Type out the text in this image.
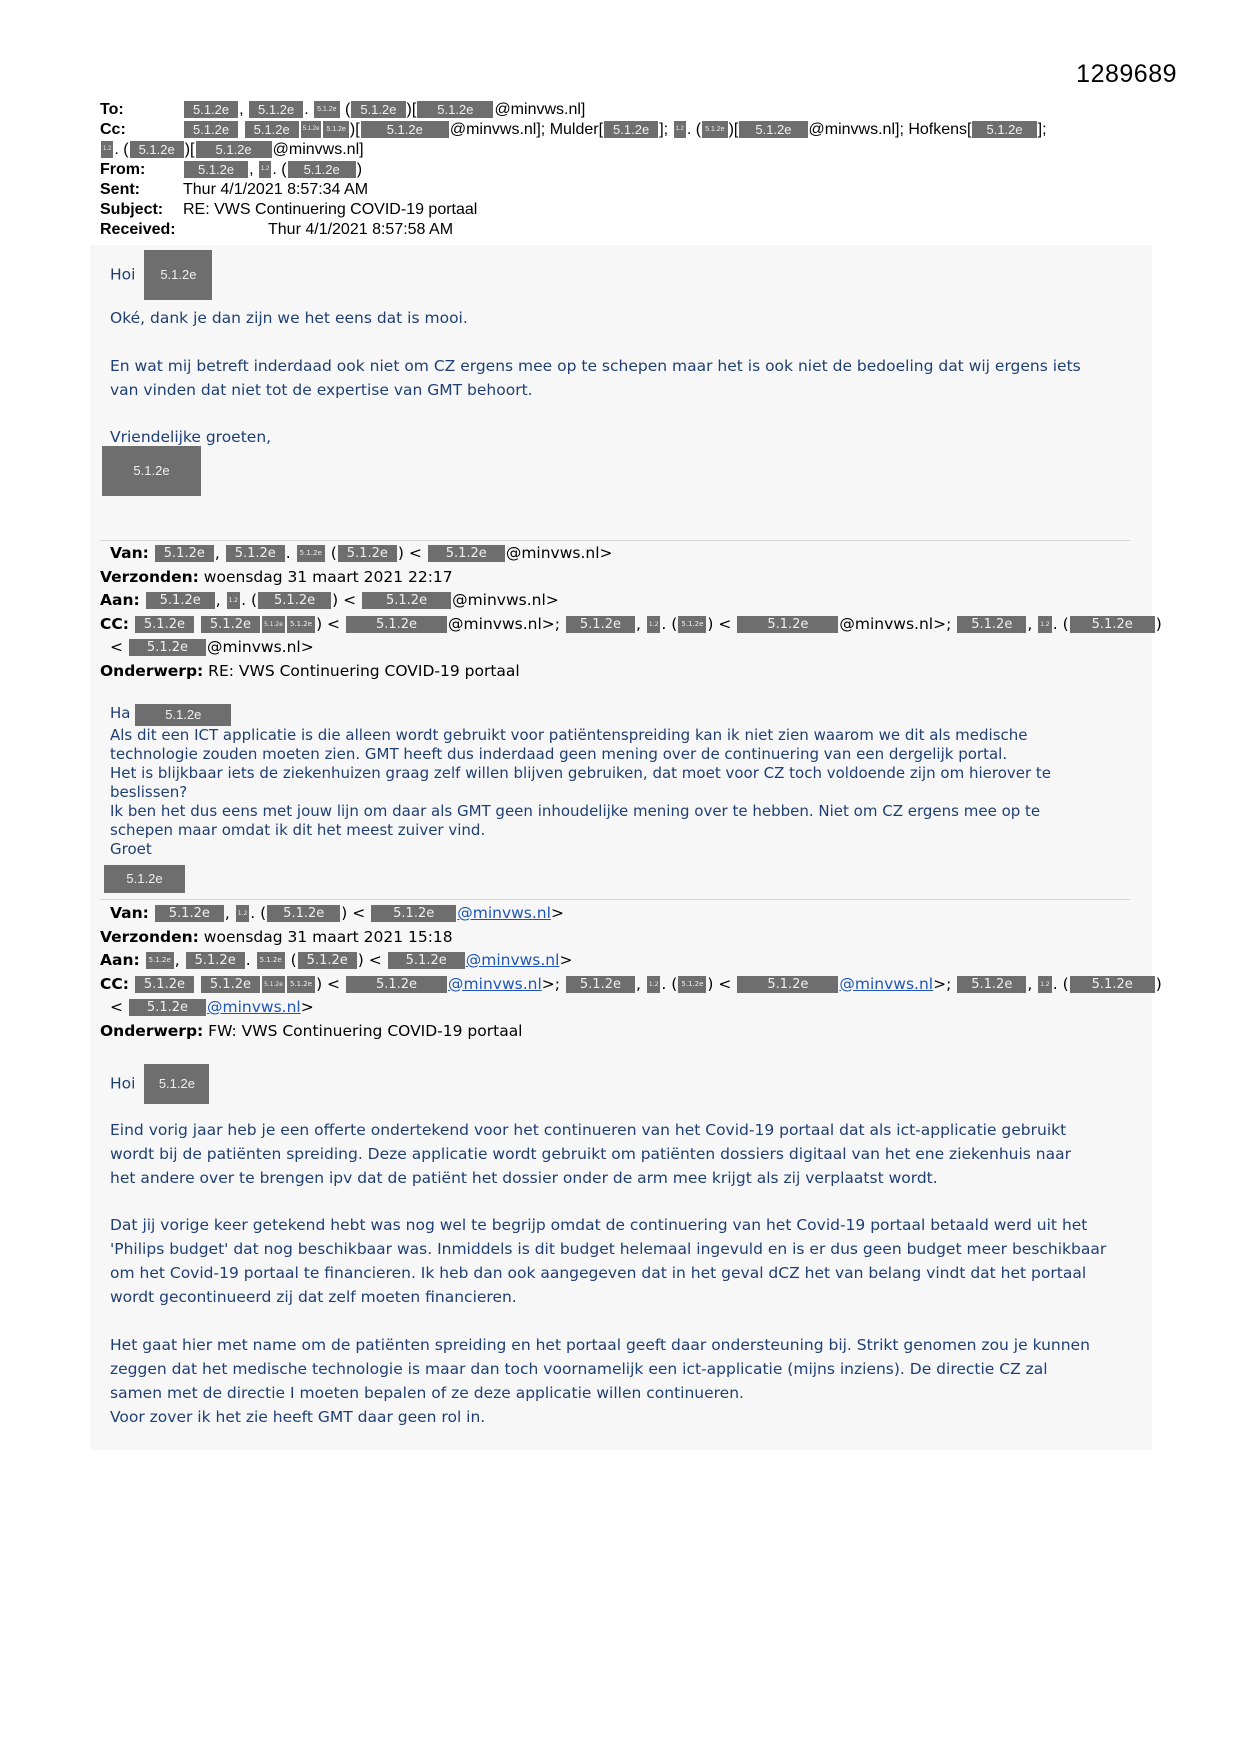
1289689
To:	5.1.2e , 5.1.2e . 5.1.2e ( 5.1.2e )[ 5.1.2e @minvws.nl]
Cc:	5.1.2e 5.1.2e 5.1.2e 5.1.2e )[ 5.1.2e @minvws.nl]; Mulder[ 5.1.2e ]; 1.2 . ( 5.1.2e )[ 5.1.2e @minvws.nl]; Hofkens[ 5.1.2e ];
1.2 . ( 5.1.2e )[ 5.1.2e @minvws.nl]
From:	5.1.2e , 1.2 . ( 5.1.2e )
Sent:	Thur 4/1/2021 8:57:34 AM
Subject: RE: VWS Continuering COVID-19 portaal
Received:	Thur 4/1/2021 8:57:58 AM
Hoi 5.1.2e
Oké, dank je dan zijn we het eens dat is mooi.

En wat mij betreft inderdaad ook niet om CZ ergens mee op te schepen maar het is ook niet de bedoeling dat wij ergens iets

van vinden dat niet tot de expertise van GMT behoort.

Vriendelijke groeten,
5.1.2e
Van: 5.1.2e , 5.1.2e . 5.1.2e ( 5.1.2e ) < 5.1.2e @minvws.nl>
Verzonden: woensdag 31 maart 2021 22:17
Aan: 5.1.2e , 1.2 . ( 5.1.2e ) < 5.1.2e @minvws.nl>
CC: 5.1.2e 5.1.2e 5.1.2e 5.1.2e ) < 5.1.2e @minvws.nl>; 5.1.2e , 1.2 . ( 5.1.2e ) < 5.1.2e @minvws.nl>; 5.1.2e , 1.2 . ( 5.1.2e )
< 5.1.2e @minvws.nl>
Onderwerp: RE: VWS Continuering COVID-19 portaal
Ha	5.1.2e
Als dit een ICT applicatie is die alleen wordt gebruikt voor patiëntenspreiding kan ik niet zien waarom we dit als medische
technologie zouden moeten zien. GMT heeft dus inderdaad geen mening over de continuering van een dergelijk portal.
Het is blijkbaar iets de ziekenhuizen graag zelf willen blijven gebruiken, dat moet voor CZ toch voldoende zijn om hierover te
beslissen?
Ik ben het dus eens met jouw lijn om daar als GMT geen inhoudelijke mening over te hebben. Niet om CZ ergens mee op te
schepen maar omdat ik dit het meest zuiver vind.
Groet
5.1.2e
Van: 5.1.2e , 1.2 . ( 5.1.2e ) < 5.1.2e @minvws.nl>
Verzonden: woensdag 31 maart 2021 15:18
Aan: 5.1.2e , 5.1.2e . 5.1.2e ( 5.1.2e ) < 5.1.2e @minvws.nl>
CC: 5.1.2e 5.1.2e 5.1.2e 5.1.2e ) < 5.1.2e @minvws.nl>; 5.1.2e , 1.2 . ( 5.1.2e ) < 5.1.2e @minvws.nl>; 5.1.2e , 1.2 . ( 5.1.2e )
< 5.1.2e @minvws.nl>
Onderwerp: FW: VWS Continuering COVID-19 portaal
Hoi 5.1.2e

Eind vorig jaar heb je een offerte ondertekend voor het continueren van het Covid-19 portaal dat als ict-applicatie gebruikt

wordt bij de patiënten spreiding. Deze applicatie wordt gebruikt om patiënten dossiers digitaal van het ene ziekenhuis naar

het andere over te brengen ipv dat de patiënt het dossier onder de arm mee krijgt als zij verplaatst wordt.

Dat jij vorige keer getekend hebt was nog wel te begrijp omdat de continuering van het Covid-19 portaal betaald werd uit het

'Philips budget' dat nog beschikbaar was. Inmiddels is dit budget helemaal ingevuld en is er dus geen budget meer beschikbaar

om het Covid-19 portaal te financieren. Ik heb dan ook aangegeven dat in het geval dCZ het van belang vindt dat het portaal

wordt gecontinueerd zij dat zelf moeten financieren.

Het gaat hier met name om de patiënten spreiding en het portaal geeft daar ondersteuning bij. Strikt genomen zou je kunnen

zeggen dat het medische technologie is maar dan toch voornamelijk een ict-applicatie (mijns inziens). De directie CZ zal

samen met de directie I moeten bepalen of ze deze applicatie willen continueren.

Voor zover ik het zie heeft GMT daar geen rol in.
